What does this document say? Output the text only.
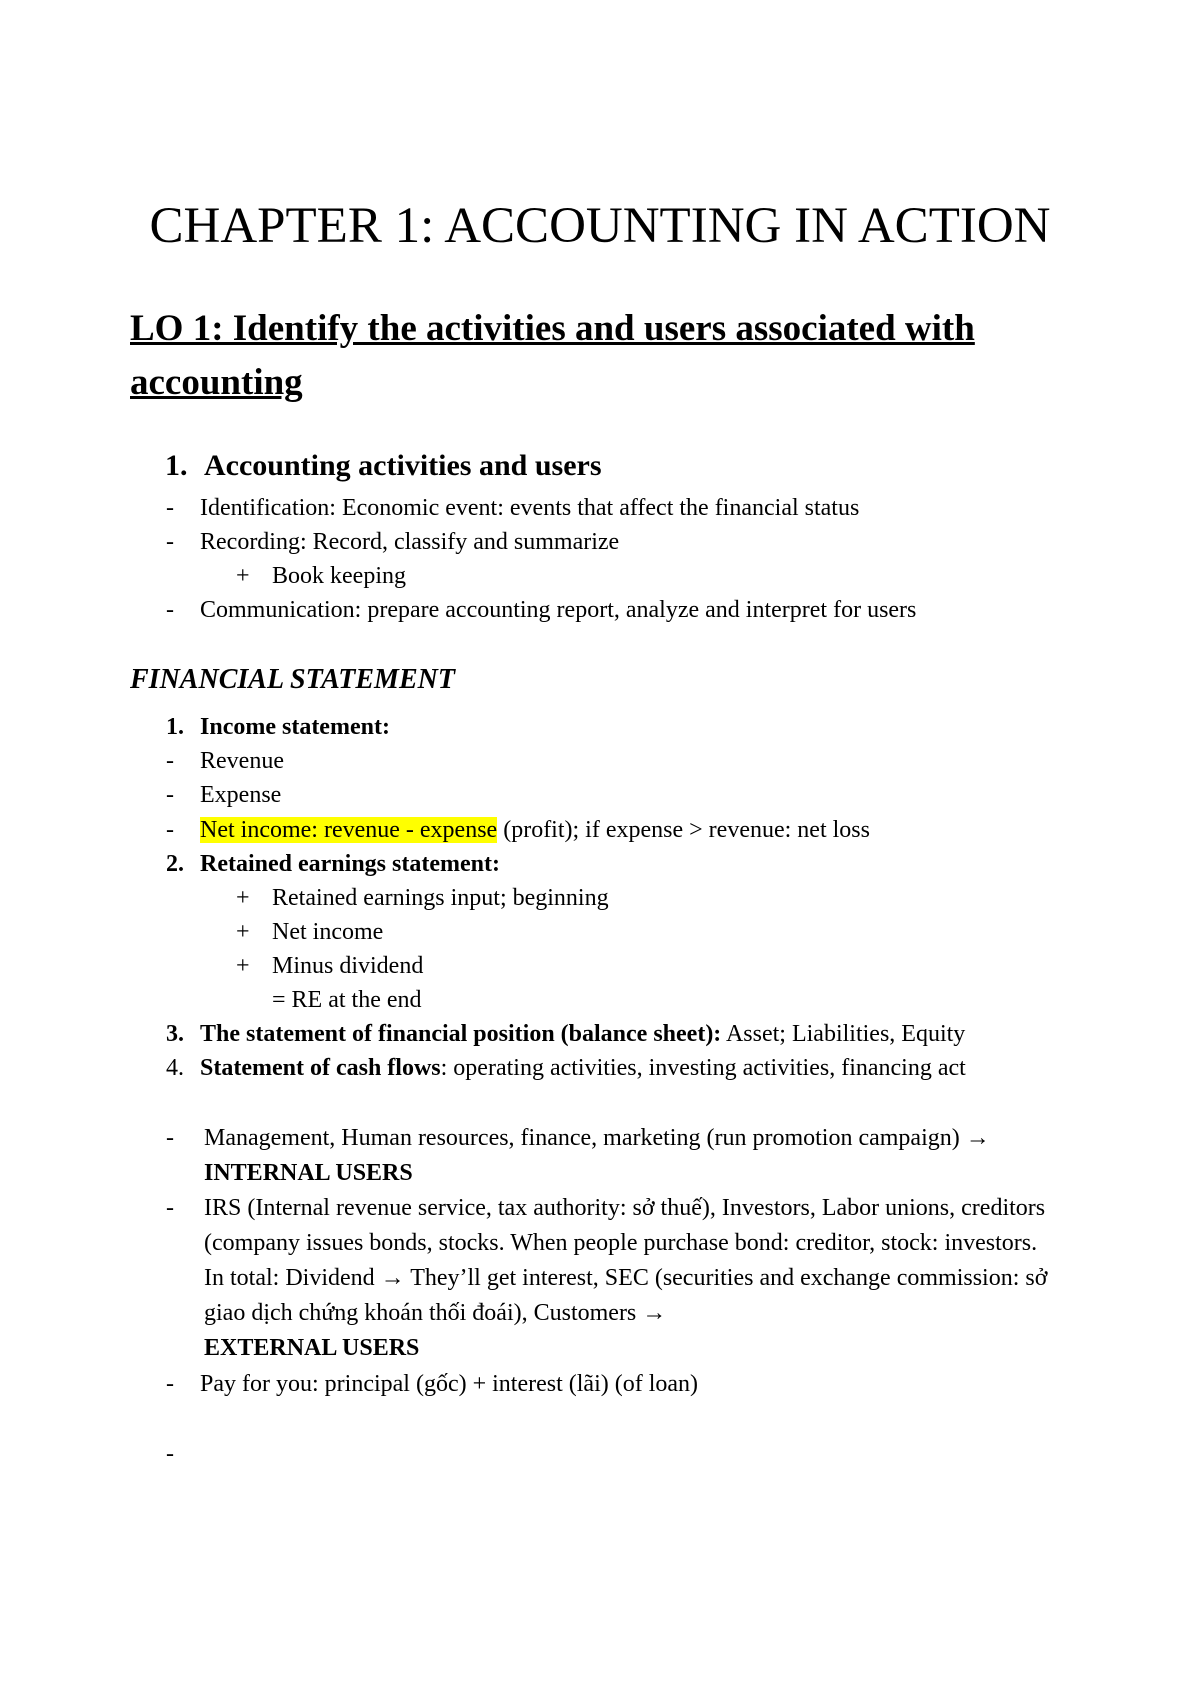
CHAPTER 1: ACCOUNTING IN ACTION
LO 1: Identify the activities and users associated with accounting
1. Accounting activities and users
- Identification: Economic event: events that affect the financial status
- Recording: Record, classify and summarize
+ Book keeping
- Communication: prepare accounting report, analyze and interpret for users
FINANCIAL STATEMENT
1. Income statement:
- Revenue
- Expense
- Net income: revenue - expense (profit); if expense > revenue: net loss
2. Retained earnings statement:
+ Retained earnings input; beginning
+ Net income
+ Minus dividend
= RE at the end
3. The statement of financial position (balance sheet): Asset; Liabilities, Equity
4. Statement of cash flows: operating activities, investing activities, financing act
- Management, Human resources, finance, marketing (run promotion campaign) →
INTERNAL USERS
- IRS (Internal revenue service, tax authority: sở thuế), Investors, Labor unions, creditors (company issues bonds, stocks. When people purchase bond: creditor, stock: investors. In total: Dividend → They’ll get interest, SEC (securities and exchange commission: sở giao dịch chứng khoán thối đoái), Customers →
EXTERNAL USERS
- Pay for you: principal (gốc) + interest (lãi) (of loan)
-
